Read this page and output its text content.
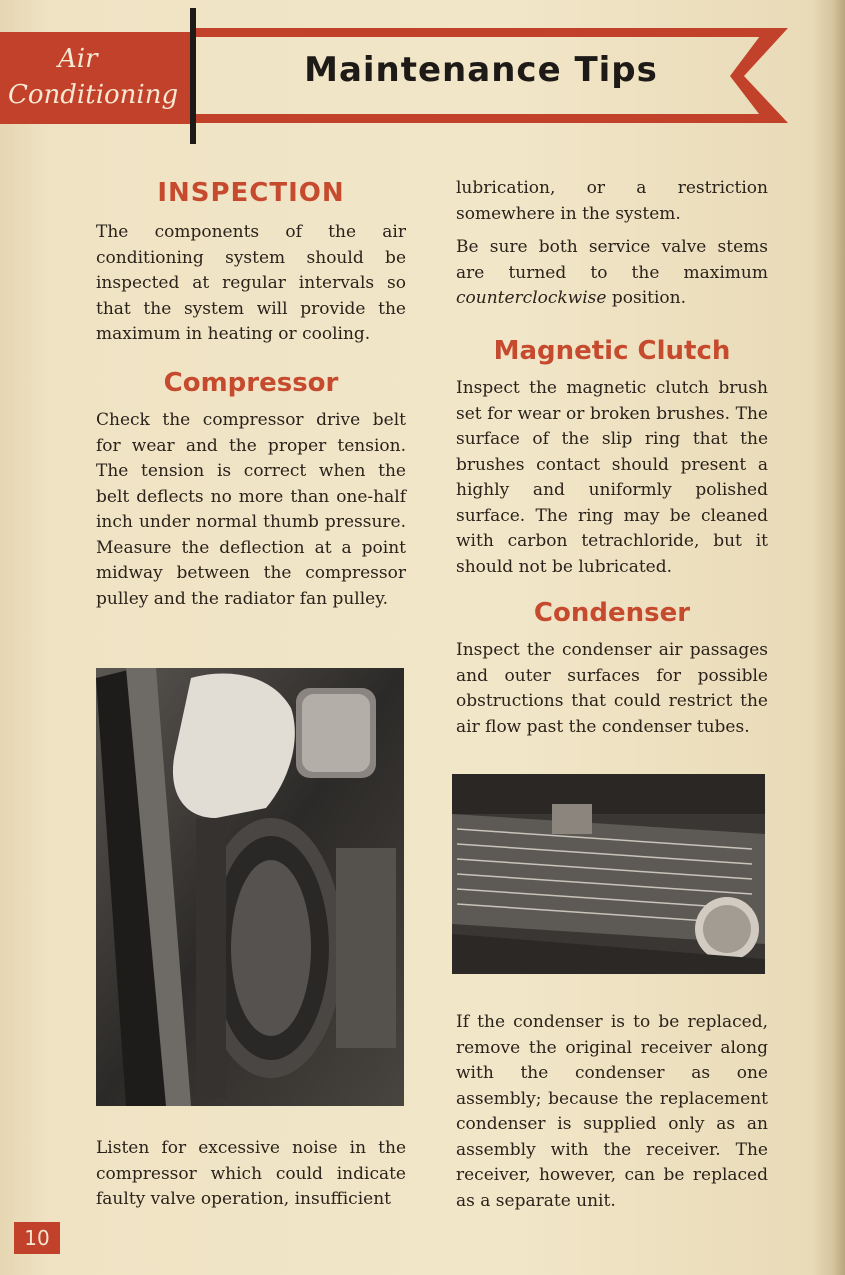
Air
Conditioning
Maintenance Tips
INSPECTION

The components of the air conditioning system should be inspected at regular intervals so that the system will provide the maximum in heating or cooling.

Compressor

Check the compressor drive belt for wear and the proper tension. The tension is correct when the belt deflects no more than one-half inch under normal thumb pressure. Measure the deflection at a point midway between the compressor pulley and the radiator fan pulley.

Listen for excessive noise in the compressor which could indicate faulty valve operation, insufficient

lubrication, or a restriction somewhere in the system.

Be sure both service valve stems are turned to the maximum counterclockwise position.

Magnetic Clutch

Inspect the magnetic clutch brush set for wear or broken brushes. The surface of the slip ring that the brushes contact should present a highly and uniformly polished surface. The ring may be cleaned with carbon tetrachloride, but it should not be lubricated.

Condenser

Inspect the condenser air passages and outer surfaces for possible obstructions that could restrict the air flow past the condenser tubes.

If the condenser is to be replaced, remove the original receiver along with the condenser as one assembly; because the replacement condenser is supplied only as an assembly with the receiver. The receiver, however, can be replaced as a separate unit.

10
